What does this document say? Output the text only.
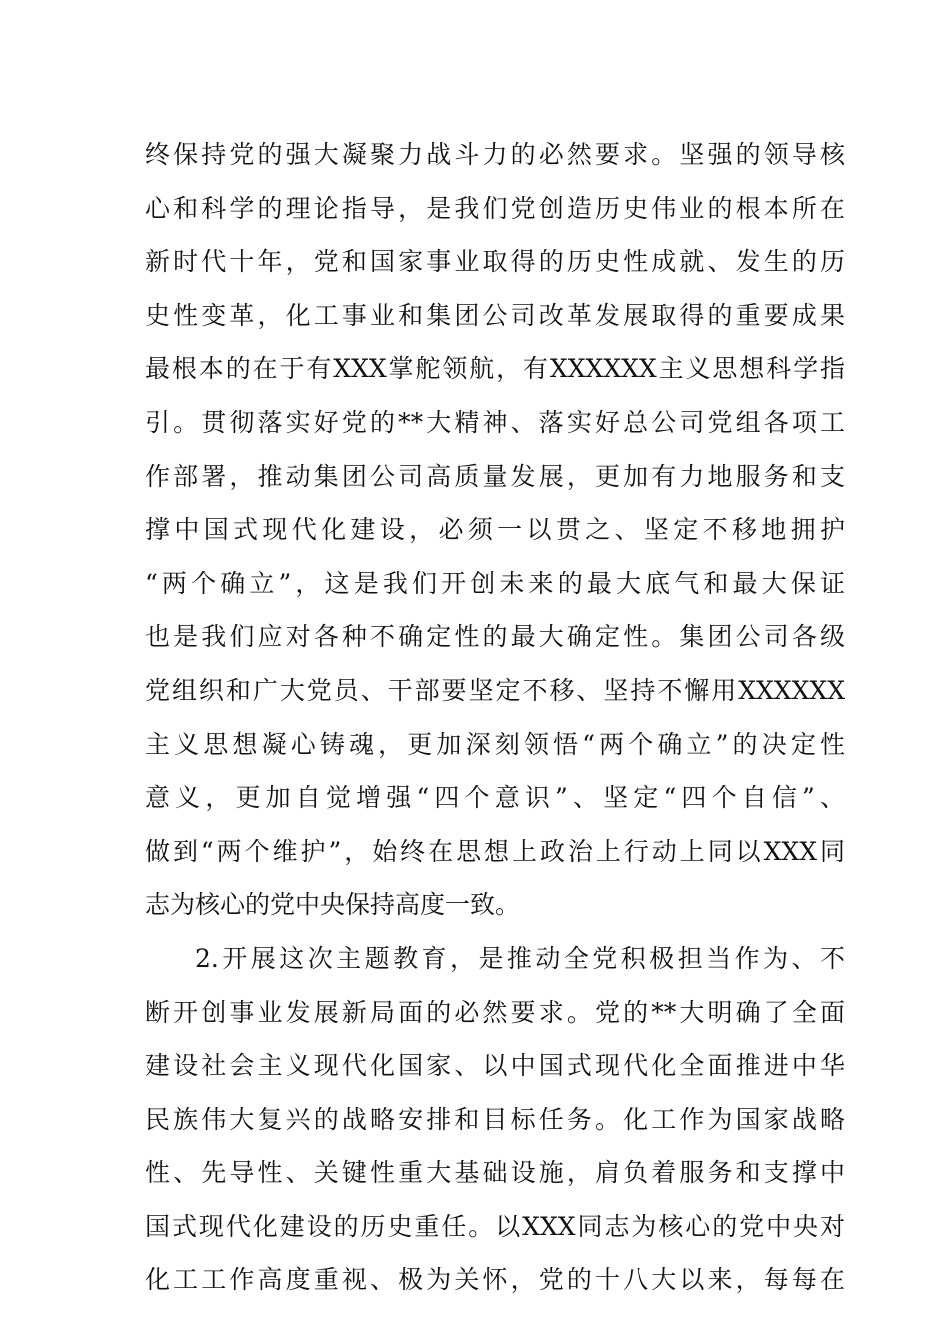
终保持党的强大凝聚力战斗力的必然要求。坚强的领导核
心和科学的理论指导，是我们党创造历史伟业的根本所在
新时代十年，党和国家事业取得的历史性成就、发生的历
史性变革，化工事业和集团公司改革发展取得的重要成果
最根本的在于有XXX掌舵领航，有XXXXXX主义思想科学指
引。贯彻落实好党的**大精神、落实好总公司党组各项工
作部署，推动集团公司高质量发展，更加有力地服务和支
撑中国式现代化建设，必须一以贯之、坚定不移地拥护
“两个确立”，这是我们开创未来的最大底气和最大保证
也是我们应对各种不确定性的最大确定性。集团公司各级
党组织和广大党员、干部要坚定不移、坚持不懈用XXXXXX
主义思想凝心铸魂，更加深刻领悟“两个确立”的决定性
意义，更加自觉增强“四个意识”、坚定“四个自信”、
做到“两个维护”，始终在思想上政治上行动上同以XXX同
志为核心的党中央保持高度一致。
2.开展这次主题教育，是推动全党积极担当作为、不
断开创事业发展新局面的必然要求。党的**大明确了全面
建设社会主义现代化国家、以中国式现代化全面推进中华
民族伟大复兴的战略安排和目标任务。化工作为国家战略
性、先导性、关键性重大基础设施，肩负着服务和支撑中
国式现代化建设的历史重任。以XXX同志为核心的党中央对
化工工作高度重视、极为关怀，党的十八大以来，每每在
